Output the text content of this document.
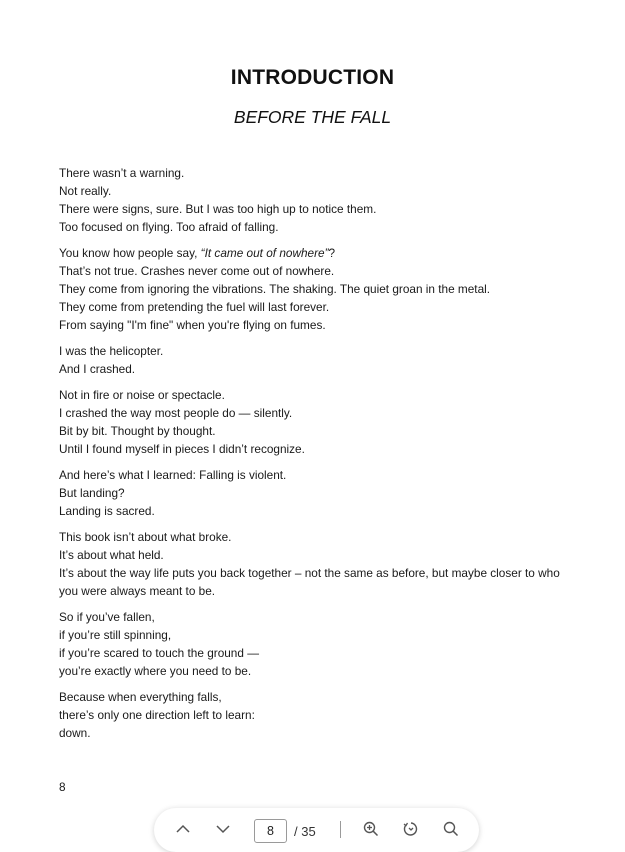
INTRODUCTION
BEFORE THE FALL

There wasn’t a warning.
Not really.
There were signs, sure. But I was too high up to notice them.
Too focused on flying. Too afraid of falling.

You know how people say, “It came out of nowhere”?
That’s not true. Crashes never come out of nowhere.
They come from ignoring the vibrations. The shaking. The quiet groan in the metal.
They come from pretending the fuel will last forever.
From saying "I'm fine" when you're flying on fumes.

I was the helicopter.
And I crashed.

Not in fire or noise or spectacle.
I crashed the way most people do — silently.
Bit by bit. Thought by thought.
Until I found myself in pieces I didn’t recognize.

And here’s what I learned: Falling is violent.
But landing?
Landing is sacred.

This book isn’t about what broke.
It’s about what held.
It’s about the way life puts you back together – not the same as before, but maybe closer to who you were always meant to be.

So if you’ve fallen,
if you’re still spinning,
if you’re scared to touch the ground —
you’re exactly where you need to be.

Because when everything falls,
there’s only one direction left to learn:
down.

8
8
/ 35
